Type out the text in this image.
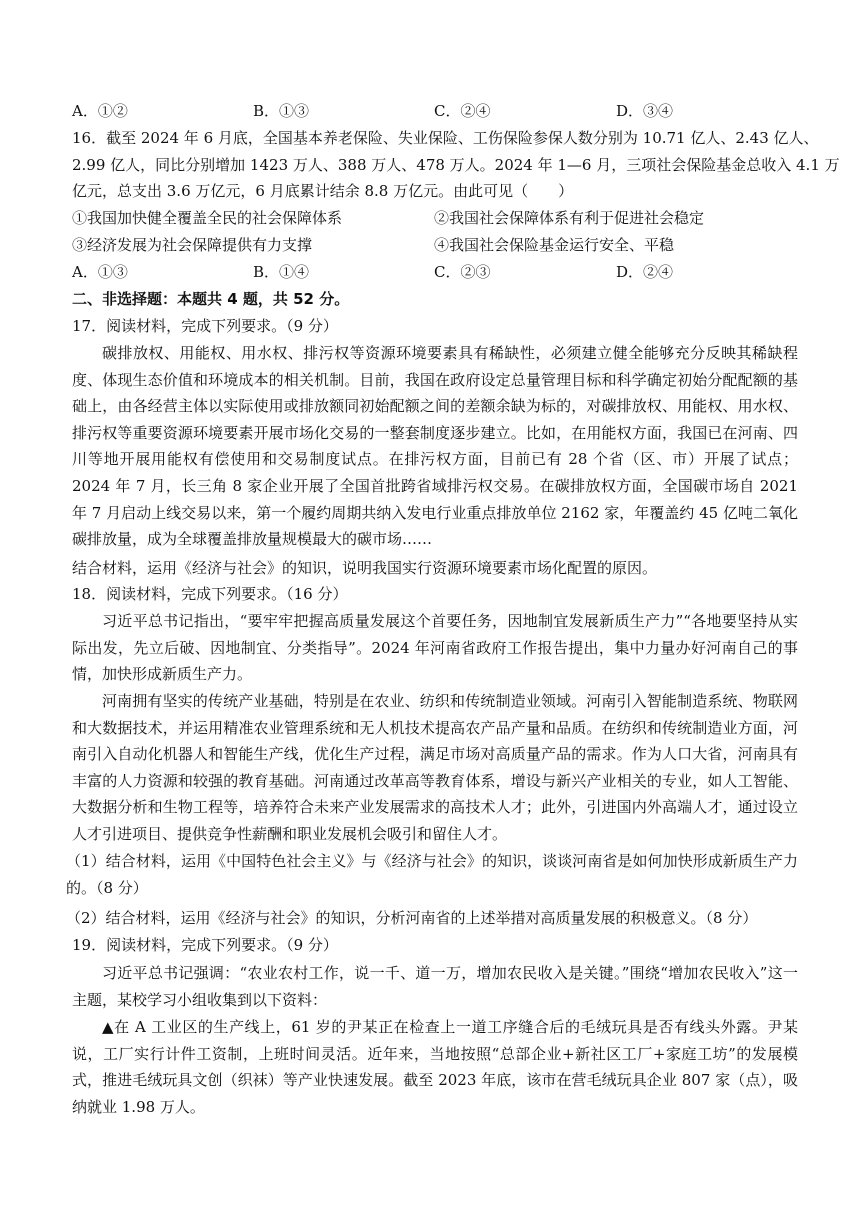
A．①②	B．①③	C．②④	D．③④
16．截至 2024 年 6 月底，全国基本养老保险、失业保险、工伤保险参保人数分别为 10.71 亿人、2.43 亿人、
2.99 亿人，同比分别增加 1423 万人、388 万人、478 万人。2024 年 1—6 月，三项社会保险基金总收入 4.1 万
亿元，总支出 3.6 万亿元，6 月底累计结余 8.8 万亿元。由此可见（　　）
①我国加快健全覆盖全民的社会保障体系	②我国社会保障体系有利于促进社会稳定
③经济发展为社会保障提供有力支撑	④我国社会保险基金运行安全、平稳
A．①③	B．①④	C．②③	D．②④
二、非选择题：本题共 4 题，共 52 分。
17．阅读材料，完成下列要求。（9 分）
碳排放权、用能权、用水权、排污权等资源环境要素具有稀缺性，必须建立健全能够充分反映其稀缺程度、体现生态价值和环境成本的相关机制。目前，我国在政府设定总量管理目标和科学确定初始分配配额的基础上，由各经营主体以实际使用或排放额同初始配额之间的差额余缺为标的，对碳排放权、用能权、用水权、排污权等重要资源环境要素开展市场化交易的一整套制度逐步建立。比如，在用能权方面，我国已在河南、四川等地开展用能权有偿使用和交易制度试点。在排污权方面，目前已有 28 个省（区、市）开展了试点；2024 年 7 月，长三角 8 家企业开展了全国首批跨省域排污权交易。在碳排放权方面，全国碳市场自 2021 年 7 月启动上线交易以来，第一个履约周期共纳入发电行业重点排放单位 2162 家，年覆盖约 45 亿吨二氧化碳排放量，成为全球覆盖排放量规模最大的碳市场……
结合材料，运用《经济与社会》的知识，说明我国实行资源环境要素市场化配置的原因。
18．阅读材料，完成下列要求。（16 分）
习近平总书记指出，“要牢牢把握高质量发展这个首要任务，因地制宜发展新质生产力”“各地要坚持从实际出发，先立后破、因地制宜、分类指导”。2024 年河南省政府工作报告提出，集中力量办好河南自己的事情，加快形成新质生产力。
河南拥有坚实的传统产业基础，特别是在农业、纺织和传统制造业领域。河南引入智能制造系统、物联网和大数据技术，并运用精准农业管理系统和无人机技术提高农产品产量和品质。在纺织和传统制造业方面，河南引入自动化机器人和智能生产线，优化生产过程，满足市场对高质量产品的需求。作为人口大省，河南具有丰富的人力资源和较强的教育基础。河南通过改革高等教育体系，增设与新兴产业相关的专业，如人工智能、大数据分析和生物工程等，培养符合未来产业发展需求的高技术人才；此外，引进国内外高端人才，通过设立人才引进项目、提供竞争性薪酬和职业发展机会吸引和留住人才。
（1）结合材料，运用《中国特色社会主义》与《经济与社会》的知识，谈谈河南省是如何加快形成新质生产力的。（8 分）
（2）结合材料，运用《经济与社会》的知识，分析河南省的上述举措对高质量发展的积极意义。（8 分）
19．阅读材料，完成下列要求。（9 分）
习近平总书记强调：“农业农村工作，说一千、道一万，增加农民收入是关键。”围绕“增加农民收入”这一主题，某校学习小组收集到以下资料：
▲在 A 工业区的生产线上，61 岁的尹某正在检查上一道工序缝合后的毛绒玩具是否有线头外露。尹某说，工厂实行计件工资制，上班时间灵活。近年来，当地按照“总部企业+新社区工厂+家庭工坊”的发展模式，推进毛绒玩具文创（织袜）等产业快速发展。截至 2023 年底，该市在营毛绒玩具企业 807 家（点），吸纳就业 1.98 万人。
